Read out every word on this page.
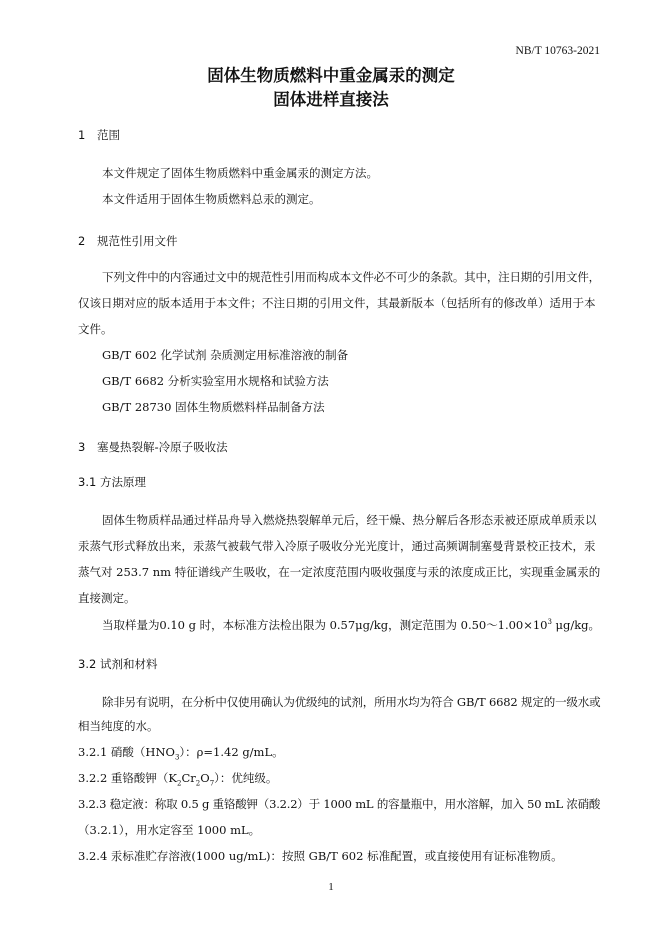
NB/T 10763-2021
固体生物质燃料中重金属汞的测定
固体进样直接法
1 范围
本文件规定了固体生物质燃料中重金属汞的测定方法。
本文件适用于固体生物质燃料总汞的测定。
2 规范性引用文件
下列文件中的内容通过文中的规范性引用而构成本文件必不可少的条款。其中，注日期的引用文件，
仅该日期对应的版本适用于本文件；不注日期的引用文件，其最新版本（包括所有的修改单）适用于本
文件。
GB/T 602 化学试剂 杂质测定用标准溶液的制备
GB/T 6682 分析实验室用水规格和试验方法
GB/T 28730 固体生物质燃料样品制备方法
3 塞曼热裂解-冷原子吸收法
3.1 方法原理
固体生物质样品通过样品舟导入燃烧热裂解单元后，经干燥、热分解后各形态汞被还原成单质汞以
汞蒸气形式释放出来，汞蒸气被载气带入冷原子吸收分光光度计，通过高频调制塞曼背景校正技术，汞
蒸气对 253.7 nm 特征谱线产生吸收，在一定浓度范围内吸收强度与汞的浓度成正比，实现重金属汞的
直接测定。
当取样量为0.10 g 时，本标准方法检出限为 0.57μg/kg，测定范围为 $0.50\sim 1.00\times 10^3$ μg/kg。
3.2 试剂和材料
除非另有说明，在分析中仅使用确认为优级纯的试剂，所用水均为符合 GB/T 6682 规定的一级水或
相当纯度的水。
3.2.1 硝酸$(HNO_3)$：ρ=1.42 g/mL。
3.2.2 重铬酸钾$(K_2Cr_2O_7)$：优纯级。
3.2.3 稳定液：称取 0.5 g 重铬酸钾（3.2.2）于 1000 mL 的容量瓶中，用水溶解，加入 50 mL 浓硝酸
（3.2.1），用水定容至 1000 mL。
3.2.4 汞标准贮存溶液(1000 ug/mL)：按照 GB/T 602 标准配置，或直接使用有证标准物质。
1
